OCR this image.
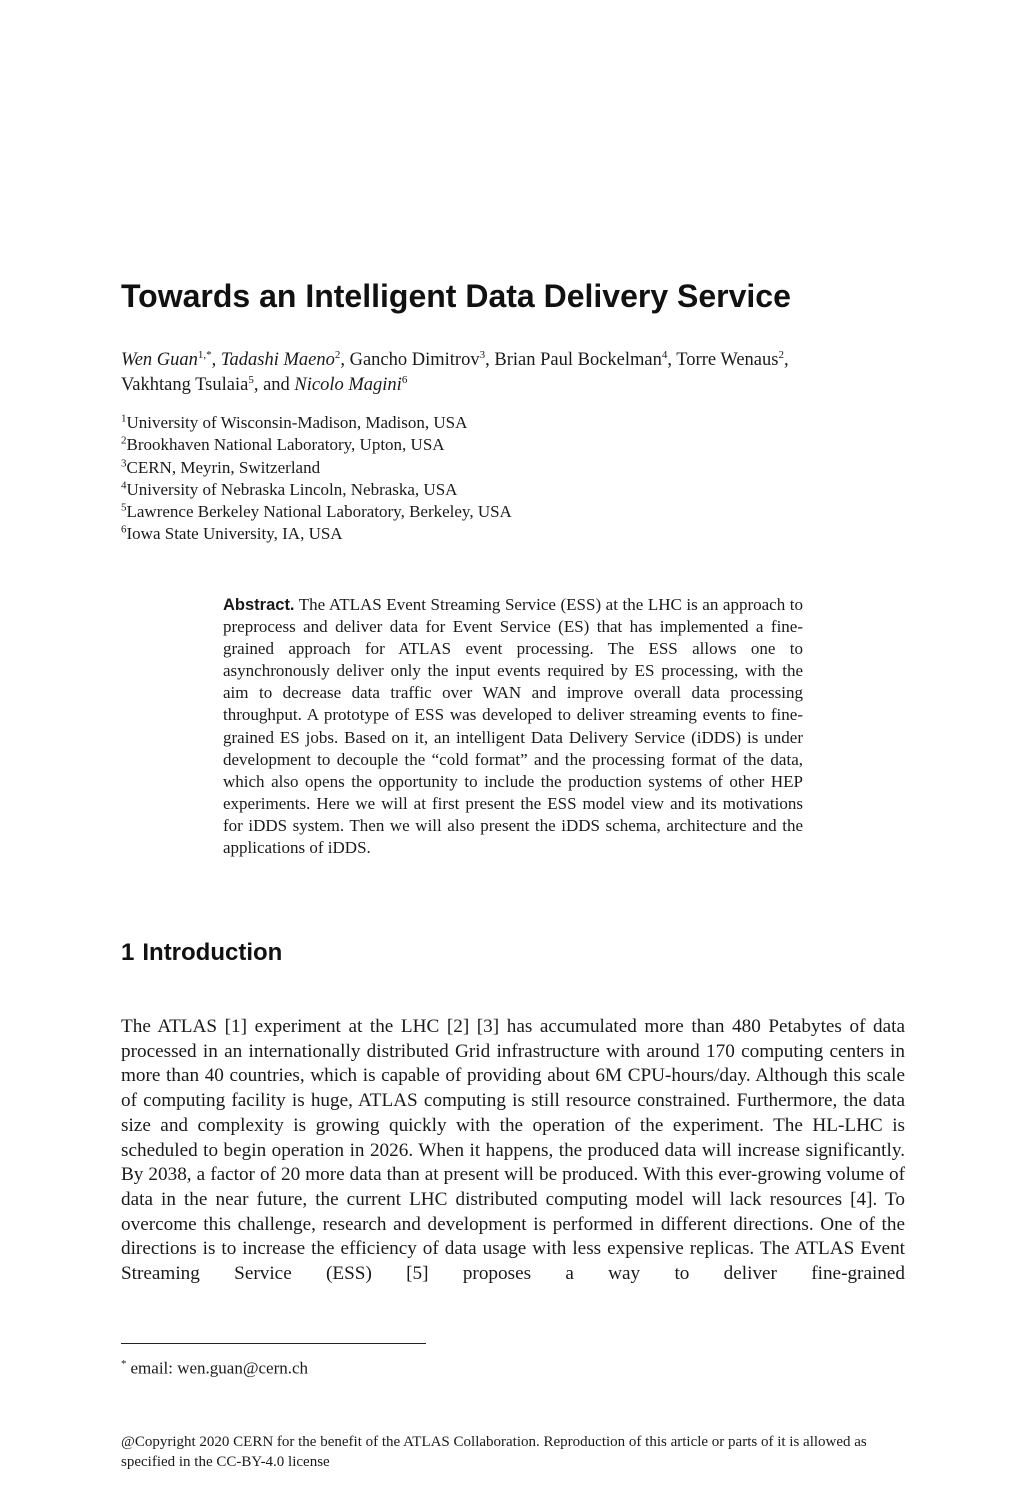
Towards an Intelligent Data Delivery Service
Wen Guan$^{1,*}$, Tadashi Maeno$^2$, Gancho Dimitrov$^3$, Brian Paul Bockelman$^4$, Torre Wenaus$^2$,
Vakhtang Tsulaia$^5$, and Nicolo Magini$^6$
$^1$University of Wisconsin-Madison, Madison, USA
$^2$Brookhaven National Laboratory, Upton, USA
$^3$CERN, Meyrin, Switzerland
$^4$University of Nebraska Lincoln, Nebraska, USA
$^5$Lawrence Berkeley National Laboratory, Berkeley, USA
$^6$Iowa State University, IA, USA
Abstract. The ATLAS Event Streaming Service (ESS) at the LHC is an approach to preprocess and deliver data for Event Service (ES) that has implemented a fine-grained approach for ATLAS event processing. The ESS allows one to asynchronously deliver only the input events required by ES processing, with the aim to decrease data traffic over WAN and improve overall data processing throughput. A prototype of ESS was developed to deliver streaming events to fine-grained ES jobs. Based on it, an intelligent Data Delivery Service (iDDS) is under development to decouple the “cold format” and the processing format of the data, which also opens the opportunity to include the production systems of other HEP experiments. Here we will at first present the ESS model view and its motivations for iDDS system. Then we will also present the iDDS schema, architecture and the applications of iDDS.
1 Introduction
The ATLAS [1] experiment at the LHC [2] [3] has accumulated more than 480 Petabytes of data processed in an internationally distributed Grid infrastructure with around 170 computing centers in more than 40 countries, which is capable of providing about 6M CPU-hours/day. Although this scale of computing facility is huge, ATLAS computing is still resource constrained. Furthermore, the data size and complexity is growing quickly with the operation of the experiment. The HL-LHC is scheduled to begin operation in 2026. When it happens, the produced data will increase significantly. By 2038, a factor of 20 more data than at present will be produced. With this ever-growing volume of data in the near future, the current LHC distributed computing model will lack resources [4]. To overcome this challenge, research and development is performed in different directions. One of the directions is to increase the efficiency of data usage with less expensive replicas. The ATLAS Event Streaming Service (ESS) [5] proposes a way to deliver fine-grained
* email: wen.guan@cern.ch
@Copyright 2020 CERN for the benefit of the ATLAS Collaboration. Reproduction of this article or parts of it is allowed as specified in the CC-BY-4.0 license
